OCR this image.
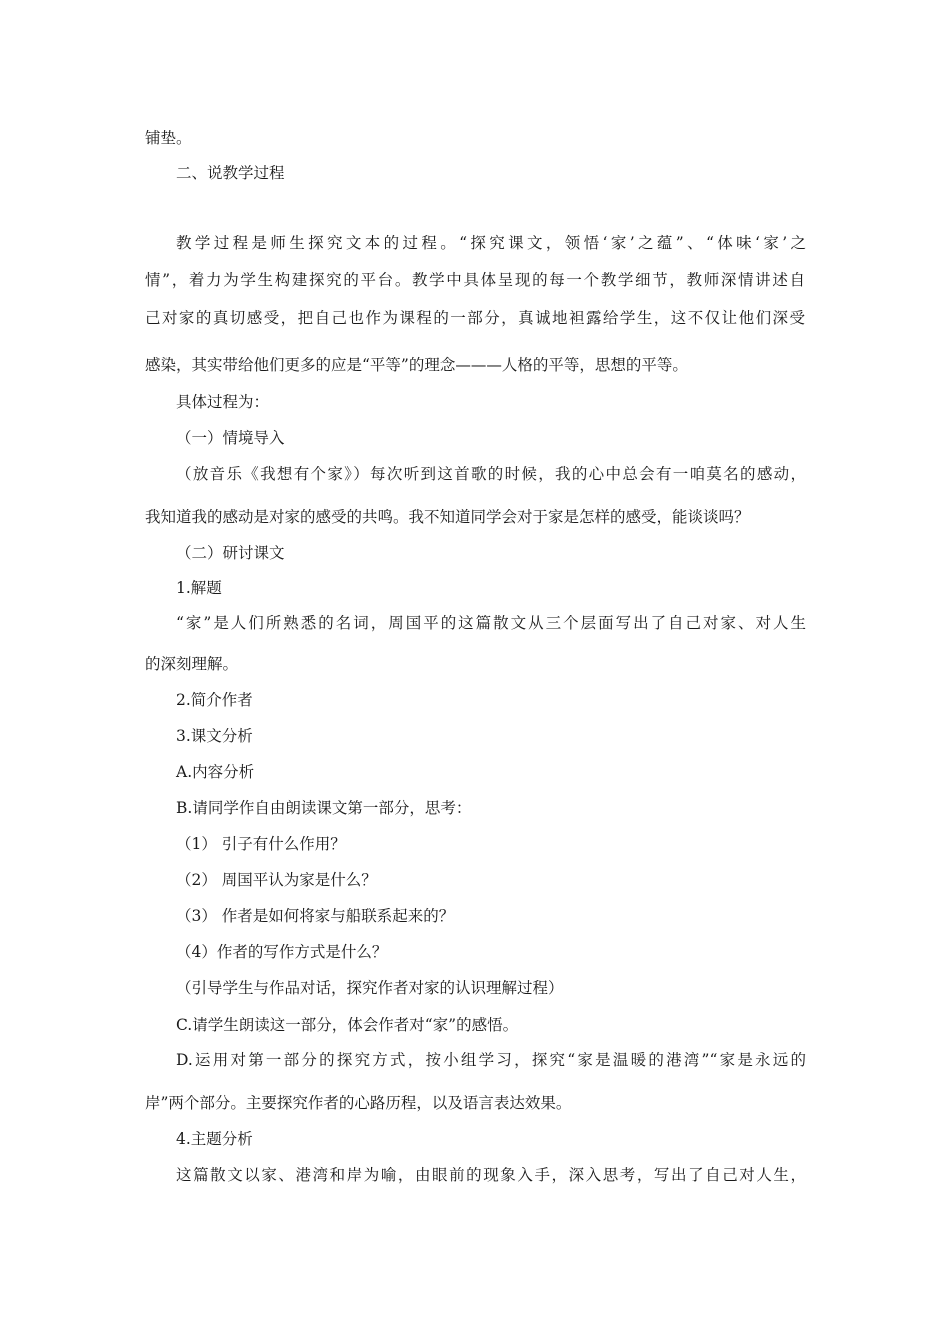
铺垫。
二、说教学过程
教学过程是师生探究文本的过程。“探究课文，领悟‘家’之蕴”、“体味‘家’之
情”，着力为学生构建探究的平台。教学中具体呈现的每一个教学细节，教师深情讲述自
己对家的真切感受，把自己也作为课程的一部分，真诚地袒露给学生，这不仅让他们深受
感染，其实带给他们更多的应是“平等”的理念———人格的平等，思想的平等。
具体过程为：
（一）情境导入
（放音乐《我想有个家》）每次听到这首歌的时候，我的心中总会有一咱莫名的感动，
我知道我的感动是对家的感受的共鸣。我不知道同学会对于家是怎样的感受，能谈谈吗？
（二）研讨课文
1.解题
“家”是人们所熟悉的名词，周国平的这篇散文从三个层面写出了自己对家、对人生
的深刻理解。
2.简介作者
3.课文分析
A.内容分析
B.请同学作自由朗读课文第一部分，思考：
（1） 引子有什么作用？
（2） 周国平认为家是什么？
（3） 作者是如何将家与船联系起来的？
（4）作者的写作方式是什么？
（引导学生与作品对话，探究作者对家的认识理解过程）
C.请学生朗读这一部分，体会作者对“家”的感悟。
D.运用对第一部分的探究方式，按小组学习，探究“家是温暖的港湾”“家是永远的
岸”两个部分。主要探究作者的心路历程，以及语言表达效果。
4.主题分析
这篇散文以家、港湾和岸为喻，由眼前的现象入手，深入思考，写出了自己对人生，
